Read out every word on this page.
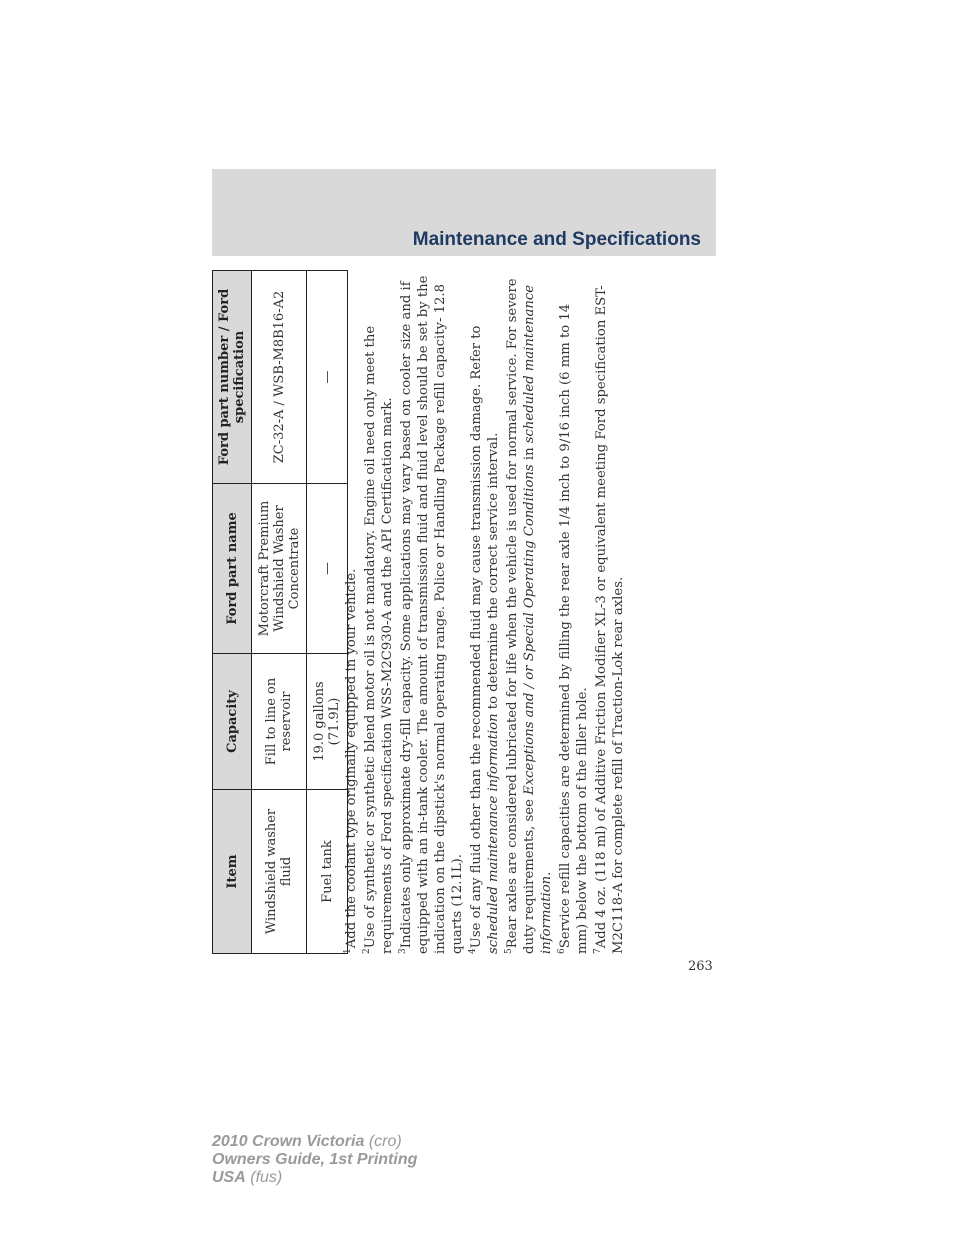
Maintenance and Specifications
Item	Capacity	Ford part name	Ford part number / Ford specification
Windshield washer fluid	Fill to line on reservoir	Motorcraft Premium Windshield Washer Concentrate	ZC-32-A / WSB-M8B16-A2
Fuel tank	19.0 gallons (71.9L)	—	—

$^1$Add the coolant type originally equipped in your vehicle.

$^2$Use of synthetic or synthetic blend motor oil is not mandatory. Engine oil need only meet the requirements of Ford specification WSS-M2C930-A and the API Certification mark. $^3$Indicates only approximate dry-fill capacity. Some applications may vary based on cooler size and if equipped with an in-tank cooler. The amount of transmission fluid and fluid level should be set by the indication on the dipstick's normal operating range. Police or Handling Package refill capacity- 12.8 quarts (12.1L). $^4$Use of any fluid other than the recommended fluid may cause transmission damage. Refer to scheduled maintenance information to determine the correct service interval.

$^5$Rear axles are considered lubricated for life when the vehicle is used for normal service. For severe duty requirements, see Exceptions and / or Special Operating Conditions in scheduled maintenance information. $^6$Service refill capacities are determined by filling the rear axle 1/4 inch to 9/16 inch (6 mm to 14 mm) below the bottom of the filler hole. $^7$Add 4 oz. (118 ml) of Additive Friction Modifier XL-3 or equivalent meeting Ford specification EST-M2C118-A for complete refill of Traction-Lok rear axles.

263
2010 Crown Victoria (cro)
Owners Guide, 1st Printing
USA (fus)
